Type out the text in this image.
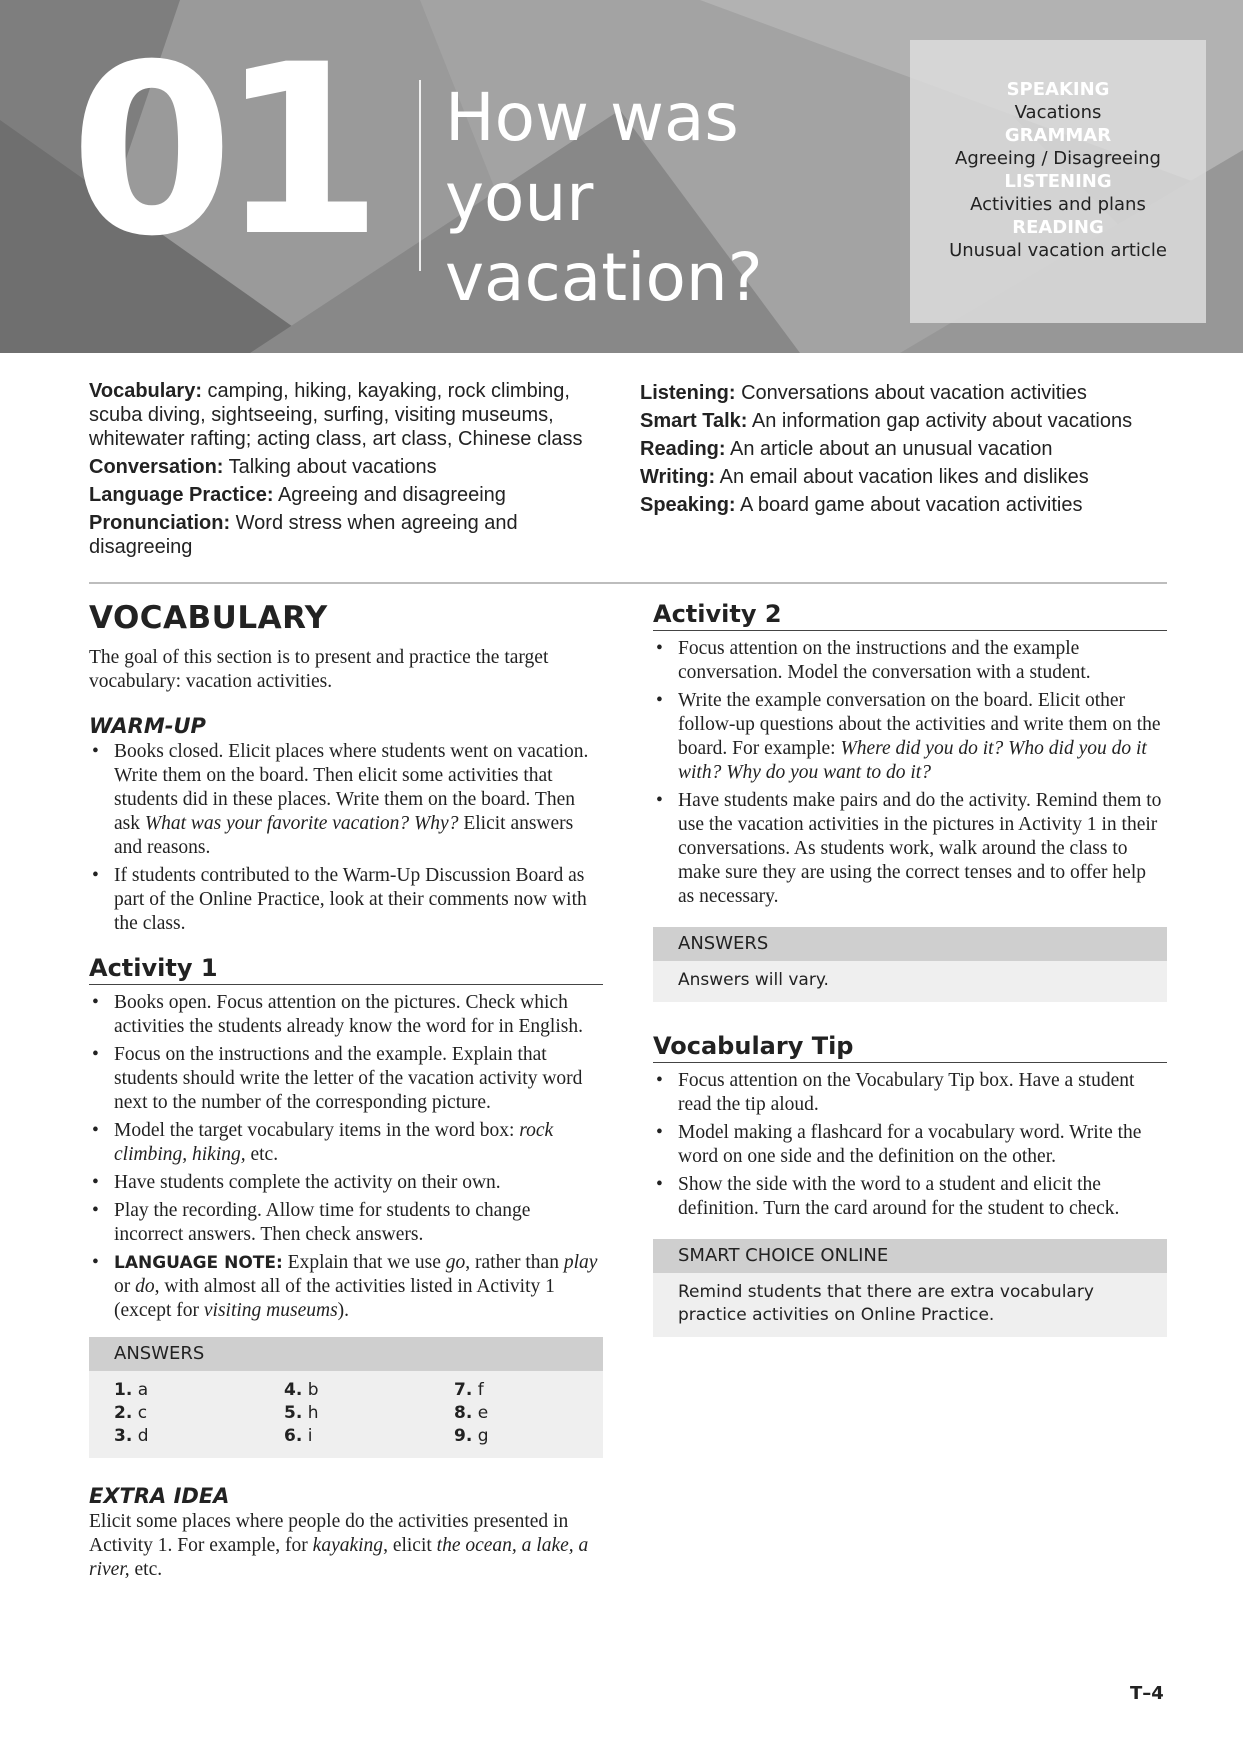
01 How was your vacation?
SPEAKING
Vacations
GRAMMAR
Agreeing / Disagreeing
LISTENING
Activities and plans
READING
Unusual vacation article
Vocabulary: camping, hiking, kayaking, rock climbing, scuba diving, sightseeing, surfing, visiting museums, whitewater rafting; acting class, art class, Chinese class
Conversation: Talking about vacations
Language Practice: Agreeing and disagreeing
Pronunciation: Word stress when agreeing and disagreeing
Listening: Conversations about vacation activities
Smart Talk: An information gap activity about vacations
Reading: An article about an unusual vacation
Writing: An email about vacation likes and dislikes
Speaking: A board game about vacation activities
VOCABULARY

The goal of this section is to present and practice the target vocabulary: vacation activities.

WARM-UP
• Books closed. Elicit places where students went on vacation. Write them on the board. Then elicit some activities that students did in these places. Write them on the board. Then ask What was your favorite vacation? Why? Elicit answers and reasons.
• If students contributed to the Warm-Up Discussion Board as part of the Online Practice, look at their comments now with the class.
Activity 1
• Books open. Focus attention on the pictures. Check which activities the students already know the word for in English.
• Focus on the instructions and the example. Explain that students should write the letter of the vacation activity word next to the number of the corresponding picture.
• Model the target vocabulary items in the word box: rock climbing, hiking, etc.
• Have students complete the activity on their own.
• Play the recording. Allow time for students to change incorrect answers. Then check answers.
• LANGUAGE NOTE: Explain that we use go, rather than play or do, with almost all of the activities listed in Activity 1 (except for visiting museums).
ANSWERS
1. a	4. b	7. f
2. c	5. h	8. e
3. d	6. i	9. g
EXTRA IDEA

Elicit some places where people do the activities presented in Activity 1. For example, for kayaking, elicit the ocean, a lake, a river, etc.

Activity 2
• Focus attention on the instructions and the example conversation. Model the conversation with a student.
• Write the example conversation on the board. Elicit other follow-up questions about the activities and write them on the board. For example: Where did you do it? Who did you do it with? Why do you want to do it?
• Have students make pairs and do the activity. Remind them to use the vacation activities in the pictures in Activity 1 in their conversations. As students work, walk around the class to make sure they are using the correct tenses and to offer help as necessary.
ANSWERS
Answers will vary.
Vocabulary Tip
• Focus attention on the Vocabulary Tip box. Have a student read the tip aloud.
• Model making a flashcard for a vocabulary word. Write the word on one side and the definition on the other.
• Show the side with the word to a student and elicit the definition. Turn the card around for the student to check.
SMART CHOICE ONLINE
Remind students that there are extra vocabulary practice activities on Online Practice.
T–4
